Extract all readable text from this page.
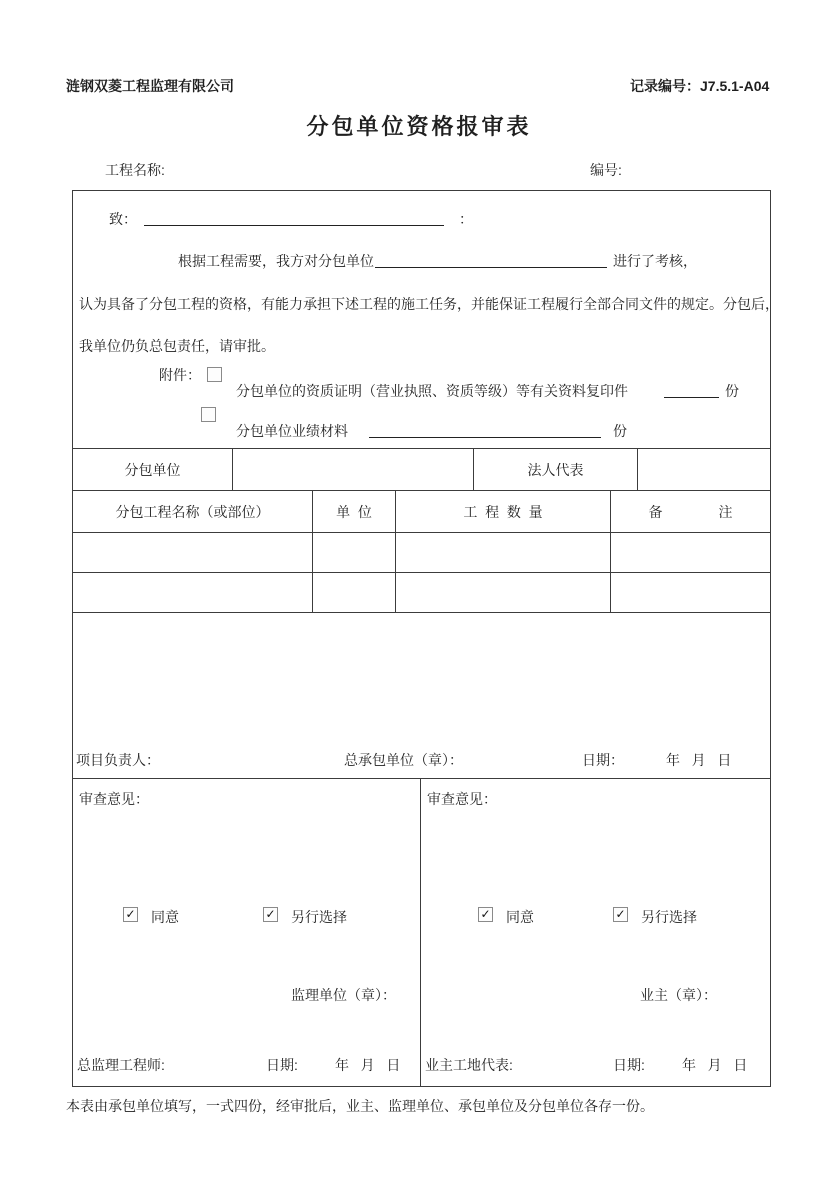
涟钢双菱工程监理有限公司	记录编号：J7.5.1-A04
分包单位资格报审表
工程名称:	编号:
致：	：
根据工程需要，我方对分包单位	进行了考核，
认为具备了分包工程的资格，有能力承担下述工程的施工任务，并能保证工程履行全部合同文件的规定。分包后，
我单位仍负总包责任，请审批。
附件：
分包单位的资质证明（营业执照、资质等级）等有关资料复印件	份
分包单位业绩材料	份
分包单位	法人代表
分包工程名称（或部位）	单  位	工  程  数  量	备　　　　注
项目负责人：	总承包单位（章）：	日期：	年   月   日
审查意见：
✓ 同意	✓ 另行选择
监理单位（章）：
总监理工程师:	日期:	年   月   日
审查意见：
✓ 同意	✓ 另行选择
业主（章）：
业主工地代表:	日期:	年   月   日
本表由承包单位填写，一式四份，经审批后，业主、监理单位、承包单位及分包单位各存一份。
